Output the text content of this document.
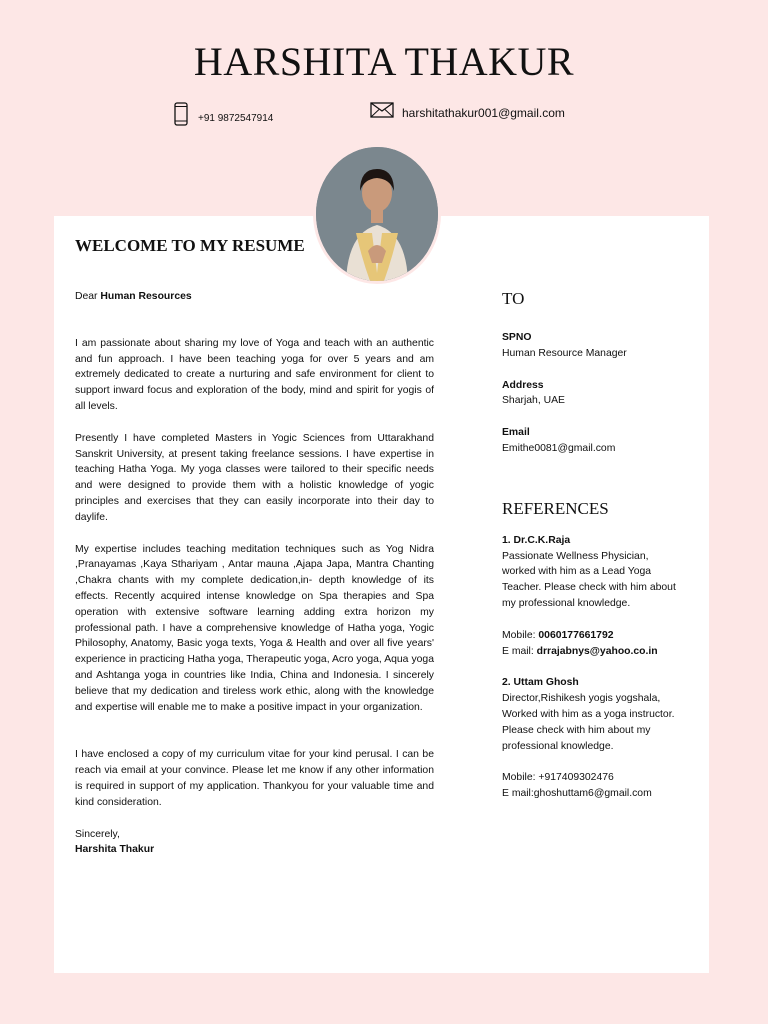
HARSHITA THAKUR
+91 9872547914	harshitathakur001@gmail.com
WELCOME TO MY RESUME

Dear Human Resources

I am passionate about sharing my love of Yoga and teach with an authentic and fun approach. I have been teaching yoga for over 5 years and am extremely dedicated to create a nurturing and safe environment for client to support inward focus and exploration of the body, mind and spirit for yogis of all levels.

Presently I have completed Masters in Yogic Sciences from Uttarakhand Sanskrit University, at present taking freelance sessions. I have expertise in teaching Hatha Yoga. My yoga classes were tailored to their specific needs and were designed to provide them with a holistic knowledge of yogic principles and exercises that they can easily incorporate into their day to daylife.

My expertise includes teaching meditation techniques such as Yog Nidra ,Pranayamas ,Kaya Sthariyam , Antar mauna ,Ajapa Japa, Mantra Chanting ,Chakra chants with my complete dedication,in- depth knowledge of its effects. Recently acquired intense knowledge on Spa therapies and Spa operation with extensive software learning adding extra horizon my professional path. I have a comprehensive knowledge of Hatha yoga, Yogic Philosophy, Anatomy, Basic yoga texts, Yoga & Health and over all five years' experience in practicing Hatha yoga, Therapeutic yoga, Acro yoga, Aqua yoga and Ashtanga yoga in countries like India, China and Indonesia. I sincerely believe that my dedication and tireless work ethic, along with the knowledge and expertise will enable me to make a positive impact in your organization.

I have enclosed a copy of my curriculum vitae for your kind perusal. I can be reach via email at your convince. Please let me know if any other information is required in support of my application. Thankyou for your valuable time and kind consideration.

Sincerely,

Harshita Thakur

TO

SPNO

Human Resource Manager

Address

Sharjah, UAE

Email

Emithe0081@gmail.com

REFERENCES

1. Dr.C.K.Raja

Passionate Wellness Physician, worked with him as a Lead Yoga Teacher. Please check with him about my professional knowledge.

Mobile: 0060177661792

E mail: drrajabnys@yahoo.co.in

2. Uttam Ghosh

Director,Rishikesh yogis yogshala, Worked with him as a yoga instructor. Please check with him about my professional knowledge.

Mobile: +917409302476

E mail:ghoshuttam6@gmail.com
